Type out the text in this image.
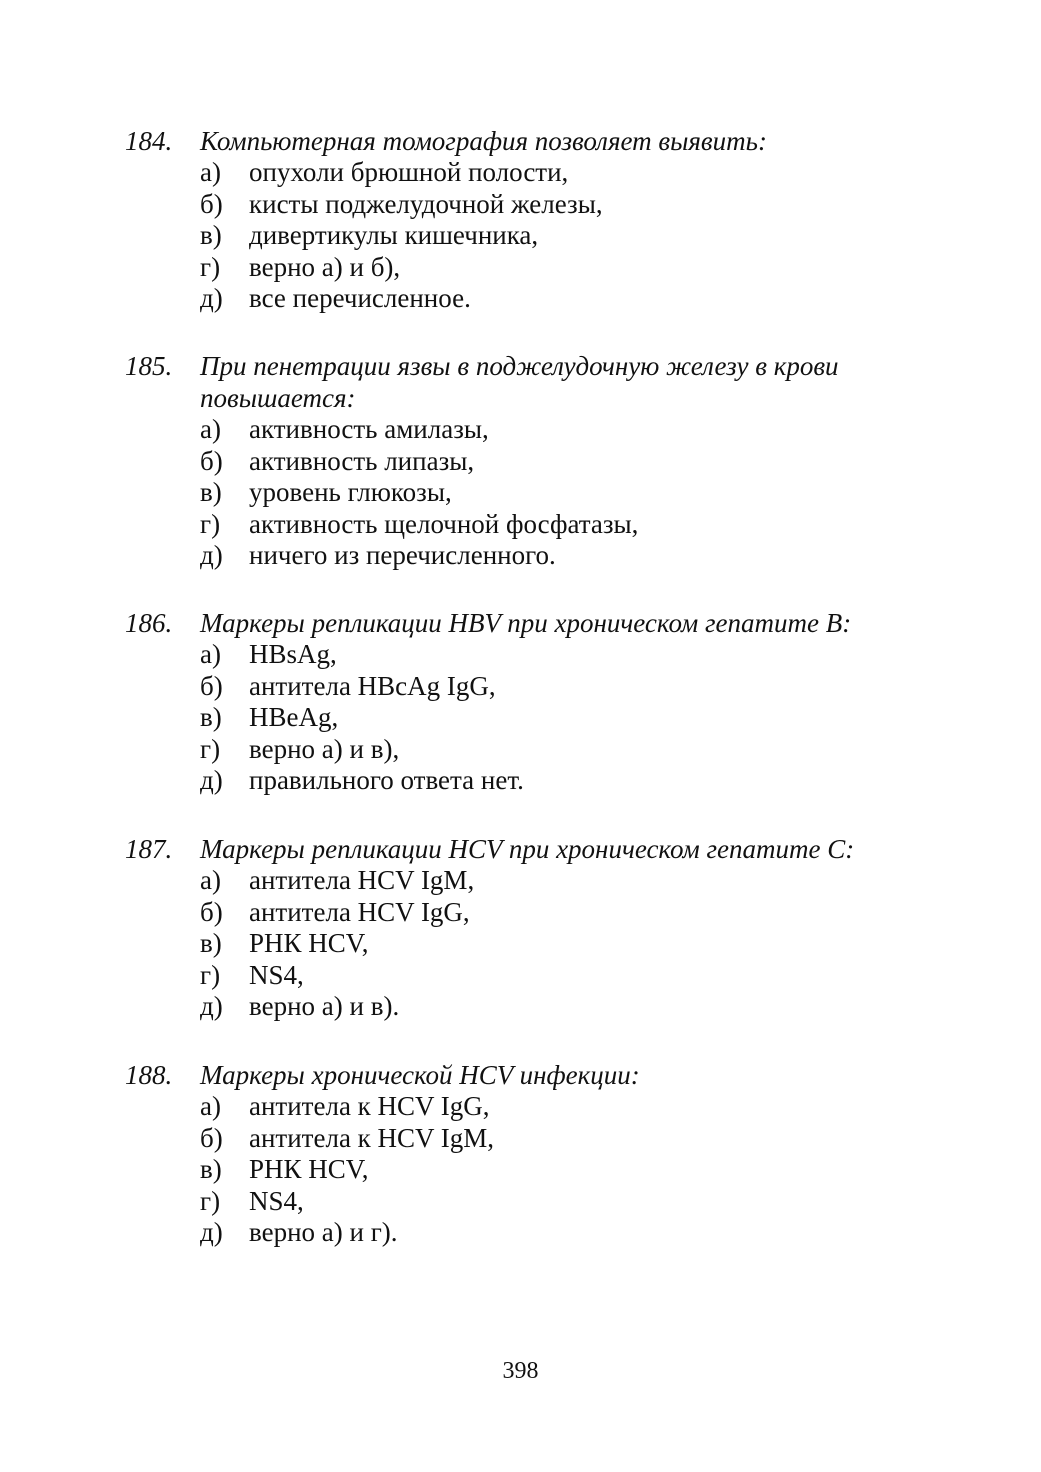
184. Компьютерная томография позволяет выявить:
а) опухоли брюшной полости,
б) кисты поджелудочной железы,
в) дивертикулы кишечника,
г) верно а) и б),
д) все перечисленное.
185. При пенетрации язвы в поджелудочную железу в крови повышается:
а) активность амилазы,
б) активность липазы,
в) уровень глюкозы,
г) активность щелочной фосфатазы,
д) ничего из перечисленного.
186. Маркеры репликации HBV при хроническом гепатите B:
а) HBsAg,
б) антитела HBcAg IgG,
в) HBeAg,
г) верно а) и в),
д) правильного ответа нет.
187. Маркеры репликации HCV при хроническом гепатите C:
а) антитела HCV IgM,
б) антитела HCV IgG,
в) РНК HCV,
г) NS4,
д) верно а) и в).
188. Маркеры хронической HCV инфекции:
а) антитела к HCV IgG,
б) антитела к HCV IgM,
в) РНК HCV,
г) NS4,
д) верно а) и г).
398
